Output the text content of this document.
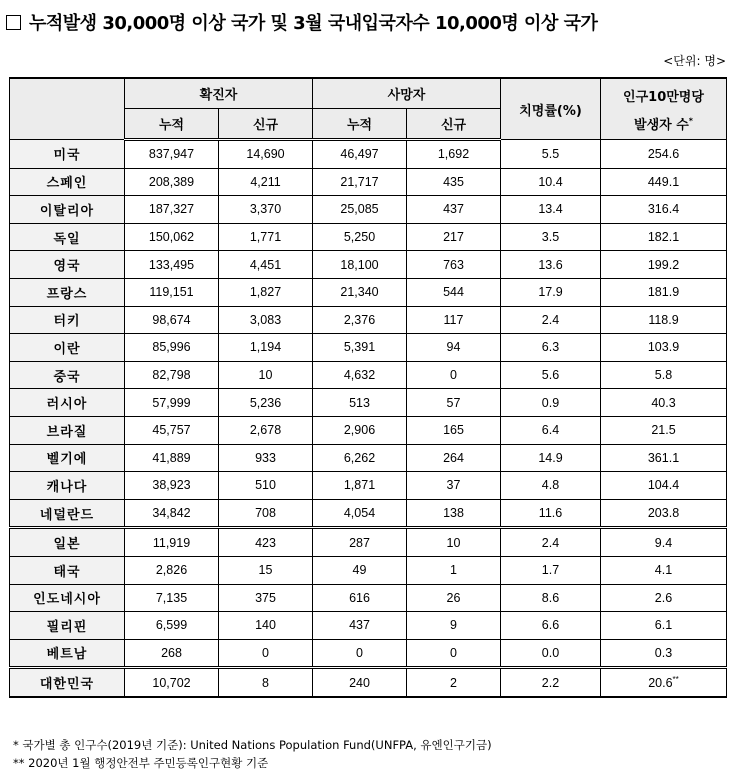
누적발생 30,000명 이상 국가 및 3월 국내입국자수 10,000명 이상 국가
<단위: 명>
	확진자		사망자		치명률(%)	인구10만명당
발생자 수*

	누적	신규	누적	신규		
미국	837,947	14,690	46,497	1,692	5.5	254.6
스페인	208,389	4,211	21,717	435	10.4	449.1
이탈리아	187,327	3,370	25,085	437	13.4	316.4
독일	150,062	1,771	5,250	217	3.5	182.1
영국	133,495	4,451	18,100	763	13.6	199.2
프랑스	119,151	1,827	21,340	544	17.9	181.9
터키	98,674	3,083	2,376	117	2.4	118.9
이란	85,996	1,194	5,391	94	6.3	103.9
중국	82,798	10	4,632	0	5.6	5.8
러시아	57,999	5,236	513	57	0.9	40.3
브라질	45,757	2,678	2,906	165	6.4	21.5
벨기에	41,889	933	6,262	264	14.9	361.1
캐나다	38,923	510	1,871	37	4.8	104.4
네덜란드	34,842	708	4,054	138	11.6	203.8
일본	11,919	423	287	10	2.4	9.4
태국	2,826	15	49	1	1.7	4.1
인도네시아	7,135	375	616	26	8.6	2.6
필리핀	6,599	140	437	9	6.6	6.1
베트남	268	0	0	0	0.0	0.3
대한민국	10,702	8	240	2	2.2	20.6**
* 국가별 총 인구수(2019년 기준): United Nations Population Fund(UNFPA, 유엔인구기금)
** 2020년 1월 행정안전부 주민등록인구현황 기준
